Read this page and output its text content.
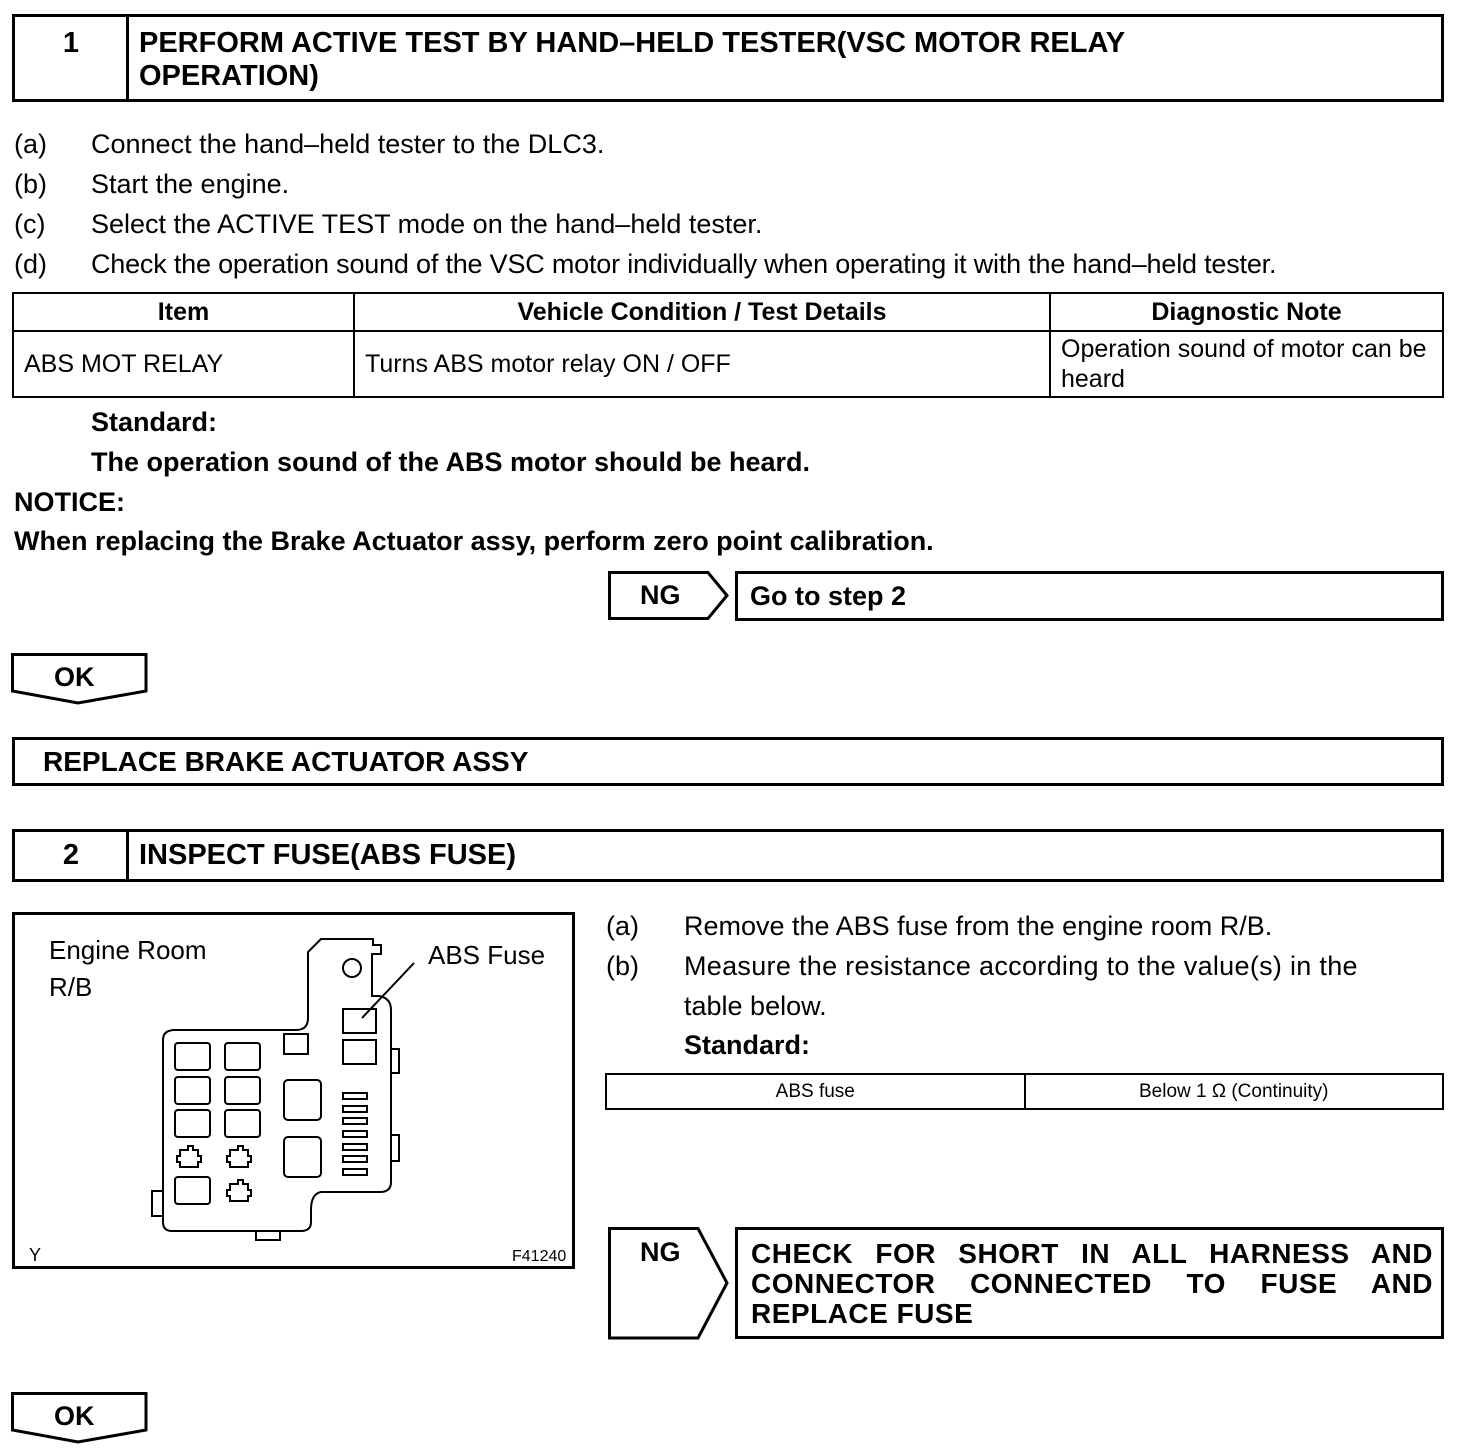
1	PERFORM ACTIVE TEST BY HAND–HELD TESTER(VSC MOTOR RELAY OPERATION)
(a) Connect the hand–held tester to the DLC3.
(b) Start the engine.
(c) Select the ACTIVE TEST mode on the hand–held tester.
(d) Check the operation sound of the VSC motor individually when operating it with the hand–held tester.
Item	Vehicle Condition / Test Details	Diagnostic Note
ABS MOT RELAY	Turns ABS motor relay ON / OFF	Operation sound of motor can be heard
Standard:
The operation sound of the ABS motor should be heard.
NOTICE:
When replacing the Brake Actuator assy, perform zero point calibration.
NG	Go to step 2
OK
REPLACE BRAKE ACTUATOR ASSY
2	INSPECT FUSE(ABS FUSE)
Engine Room
R/B
ABS Fuse
Y	F41240
(a) Remove the ABS fuse from the engine room R/B.
(b) Measure the resistance according to the value(s) in the
table below.
Standard:
ABS fuse	Below 1 Ω (Continuity)
NG	CHECK FOR SHORT IN ALL HARNESS AND CONNECTOR CONNECTED TO FUSE AND REPLACE FUSE
OK
